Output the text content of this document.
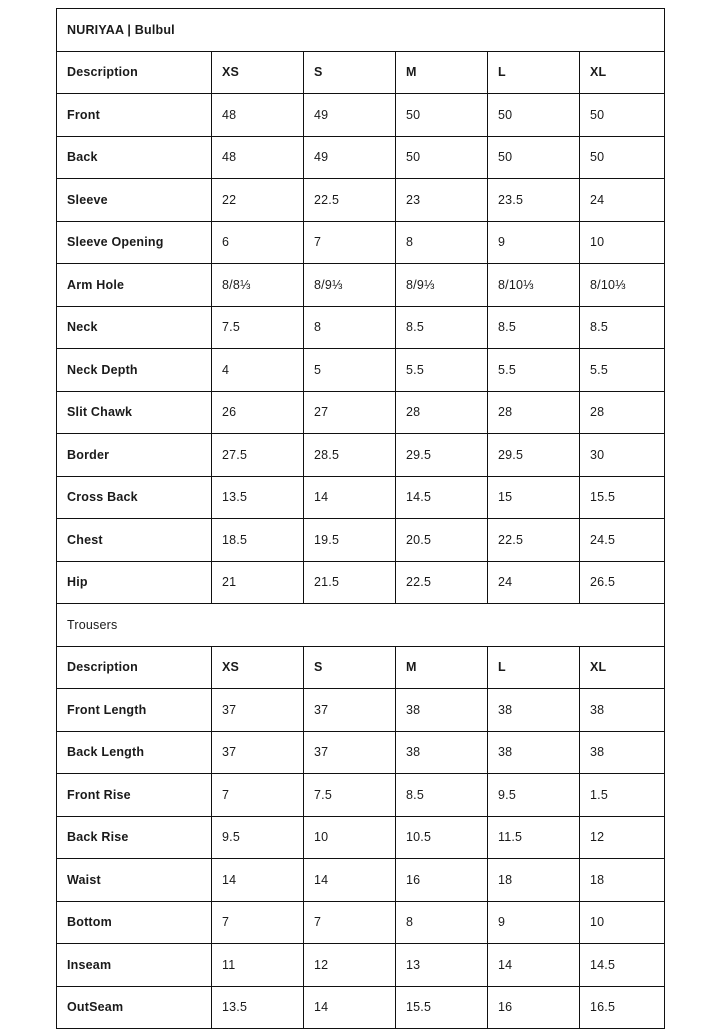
NURIYAA | Bulbul					
Description	XS	S	M	L	XL
Front	48	49	50	50	50
Back	48	49	50	50	50
Sleeve	22	22.5	23	23.5	24
Sleeve Opening	6	7	8	9	10
Arm Hole	8/8⅓	8/9⅓	8/9⅓	8/10⅓	8/10⅓
Neck	7.5	8	8.5	8.5	8.5
Neck Depth	4	5	5.5	5.5	5.5
Slit Chawk	26	27	28	28	28
Border	27.5	28.5	29.5	29.5	30
Cross Back	13.5	14	14.5	15	15.5
Chest	18.5	19.5	20.5	22.5	24.5
Hip	21	21.5	22.5	24	26.5
Trousers					
Description	XS	S	M	L	XL
Front Length	37	37	38	38	38
Back Length	37	37	38	38	38
Front Rise	7	7.5	8.5	9.5	1.5
Back Rise	9.5	10	10.5	11.5	12
Waist	14	14	16	18	18
Bottom	7	7	8	9	10
Inseam	11	12	13	14	14.5
OutSeam	13.5	14	15.5	16	16.5
